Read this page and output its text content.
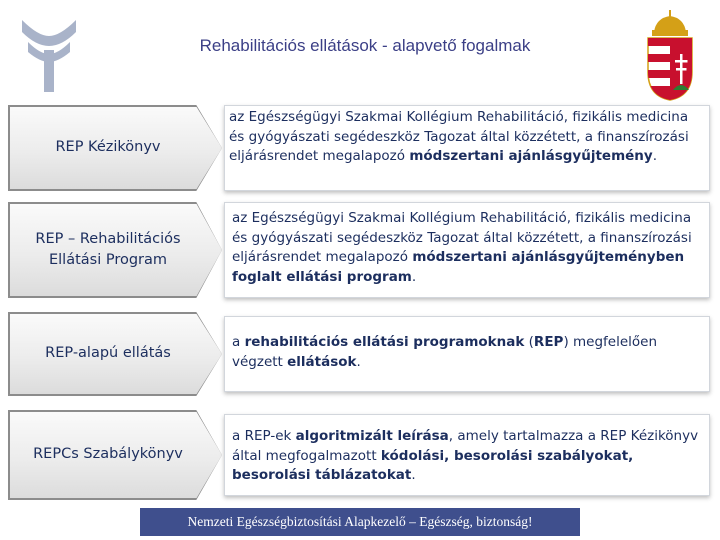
Rehabilitációs ellátások - alapvető fogalmak
REP Kézikönyv
az Egészségügyi Szakmai Kollégium Rehabilitáció, fizikális medicina és gyógyászati segédeszköz Tagozat által közzétett, a finanszírozási eljárásrendet megalapozó módszertani ajánlásgyűjtemény.
REP – Rehabilitációs Ellátási Program
az Egészségügyi Szakmai Kollégium Rehabilitáció, fizikális medicina és gyógyászati segédeszköz Tagozat által közzétett, a finanszírozási eljárásrendet megalapozó módszertani ajánlásgyűjteményben foglalt ellátási program.
REP-alapú ellátás
a rehabilitációs ellátási programoknak (REP) megfelelően végzett ellátások.
REPCs Szabálykönyv
a REP-ek algoritmizált leírása, amely tartalmazza a REP Kézikönyv által megfogalmazott kódolási, besorolási szabályokat, besorolási táblázatokat.
Nemzeti Egészségbiztosítási Alapkezelő – Egészség, biztonság!
